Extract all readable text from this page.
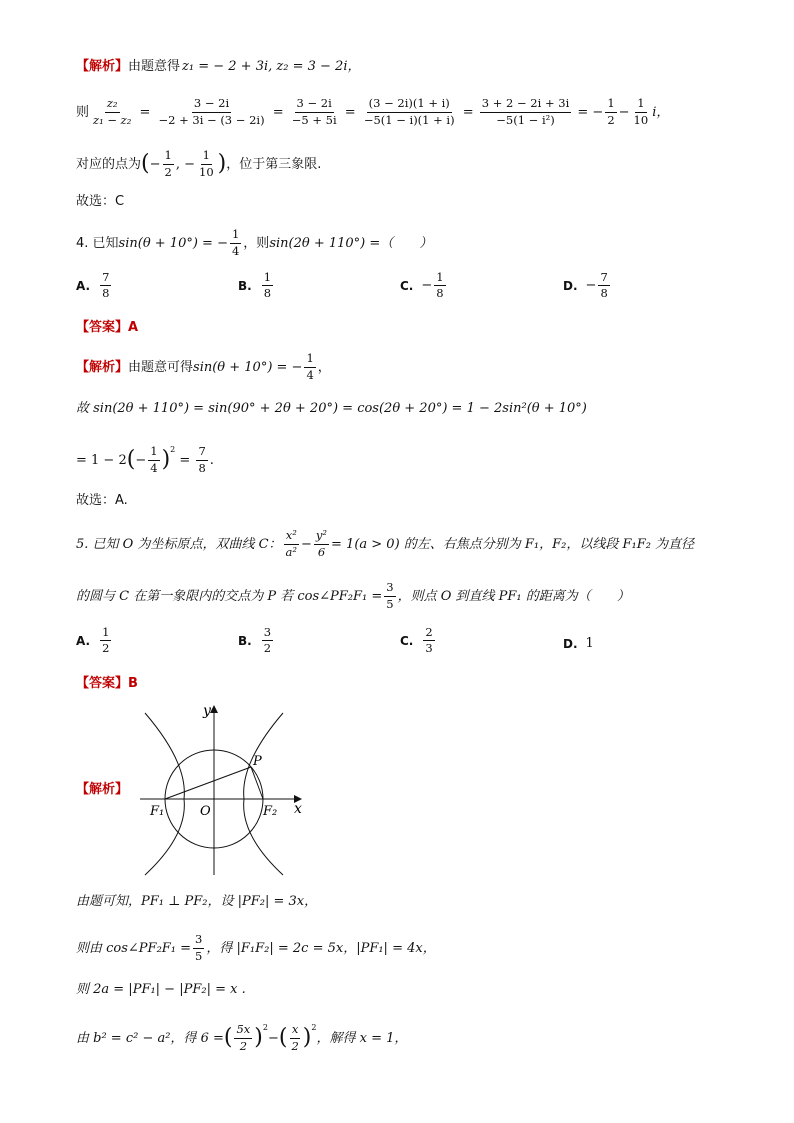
【解析】 由题意得 z₁ = − 2 + 3i, z₂ = 3 − 2i，
则 $\frac{\text{z₂}}{\text{z₁ − z₂}} = \frac{3 - 2i}{-2 + 3i - (3 - 2i)} = \frac{3 - 2i}{-5 + 5i} = \frac{(3 - 2i)(1 + i)}{-5(1 - i)(1 + i)} = \frac{3 + 2 - 2i + 3i}{\text{−5(1 − i²)}}$ = − $\frac{1}{2} - \frac{1}{10}$ i，
对应的点为 ( − $\frac{1}{2}$ , − $\frac{1}{10}$ ) ，位于第三象限.
故选：C
4. 已知 sin(θ + 10°) = − $\frac{1}{4}$ ，则 sin(2θ + 110°) =（　　）
A. $\frac{7}{8}$	B. $\frac{1}{8}$	C. − $\frac{1}{8}$	D. − $\frac{7}{8}$
【答案】A
【解析】 由题意可得 sin(θ + 10°) = − $\frac{1}{4}$ ，
故 sin(2θ + 110°) = sin(90° + 2θ + 20°) = cos(2θ + 20°) = 1 − 2sin²(θ + 10°)
= 1 − 2 ( − $\frac{1}{4} )^2$

=
$\frac{7}{8}$ .
故选：A.
5. 已知 O 为坐标原点，双曲线 C： $\frac{\text{x²}}{\text{a²}} - \frac{\text{y²}}{6} = 1(a > 0)$ 的左、右焦点分别为 F₁，F₂，以线段 F₁F₂ 为直径
的圆与 C 在第一象限内的交点为 P 若 cos∠PF₂F₁ = $\frac{3}{5}$ ，则点 O 到直线 PF₁ 的距离为（　　）
A. $\frac{1}{2}$	B. $\frac{3}{2}$	C. $\frac{2}{3}$	D. 1
【答案】B
【解析】
y
x
O
P
F₁	F₂
由题可知，PF₁ ⊥ PF₂，设 |PF₂| = 3x，
则由 cos∠PF₂F₁ = $\frac{3}{5}$ ，得 |F₁F₂| = 2c = 5x，|PF₁| = 4x，
则 2a = |PF₁| − |PF₂| = x .
由 b² = c² − a²，得 6 = ( $\frac{5x}{2} )^2$
− ( $\frac{x}{2} )^2$
，解得 x = 1，
